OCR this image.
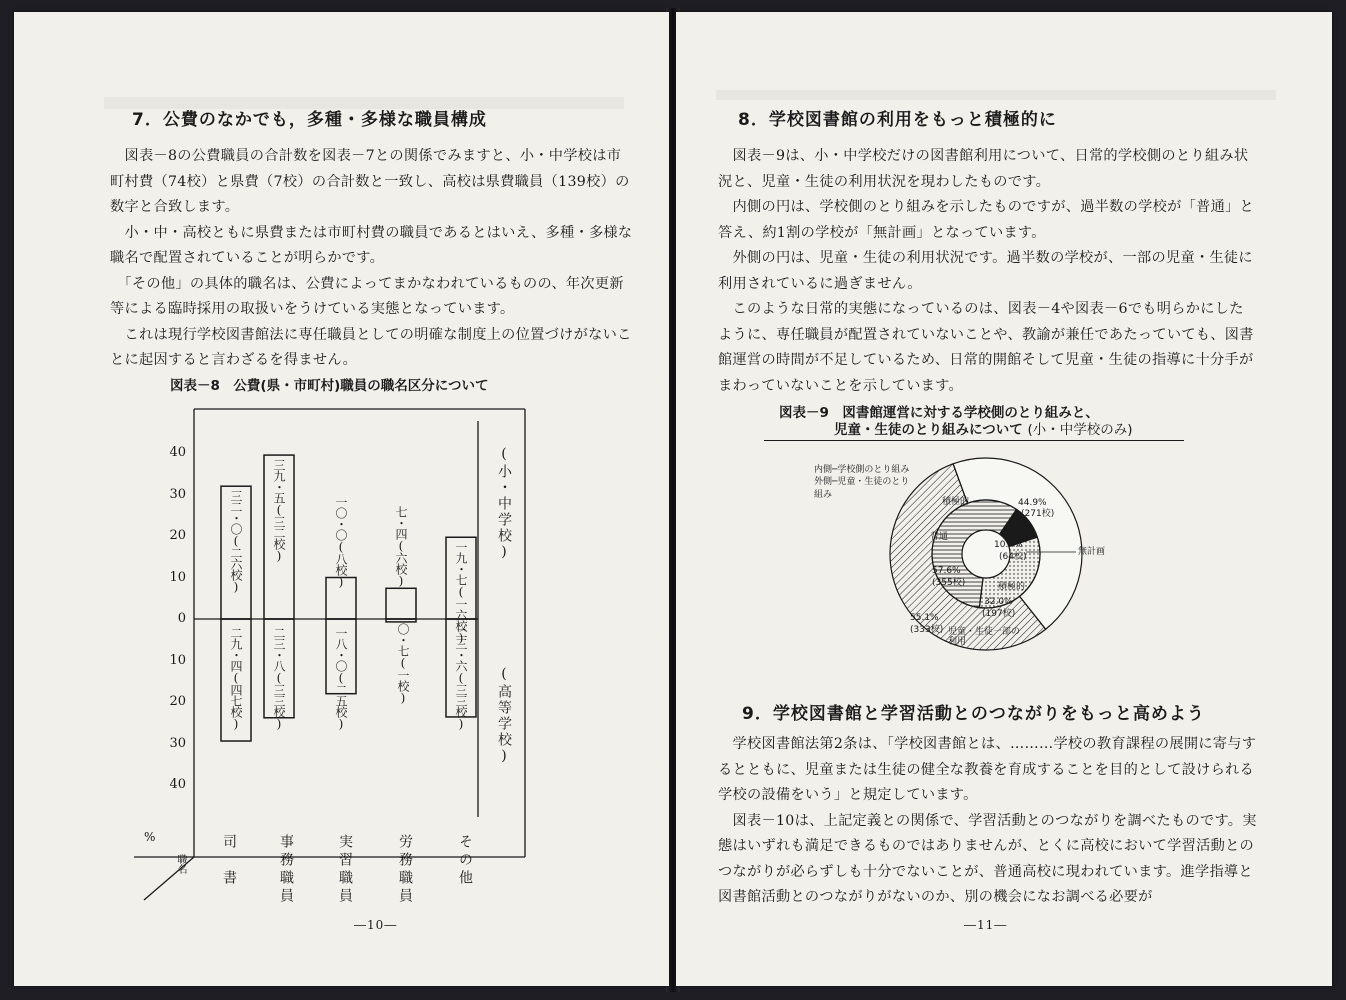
7．公費のなかでも，多種・多様な職員構成

　図表－8の公費職員の合計数を図表－7との関係でみますと、小・中学校は市町村費（74校）と県費（7校）の合計数と一致し、高校は県費職員（139校）の数字と合致します。

　小・中・高校ともに県費または市町村費の職員であるとはいえ、多種・多様な職名で配置されていることが明らかです。

　「その他」の具体的職名は、公費によってまかなわれているものの、年次更新等による臨時採用の取扱いをうけている実態となっています。

　これは現行学校図書館法に専任職員としての明確な制度上の位置づけがないことに起因すると言わざるを得ません。

図表－8　公費(県・市町村)職員の職名区分について
40
30
20
10
0
10
20
30
40
三二・〇(二六校)
二九・四(四七校)
三九・五(三二校)
二三・八(三三校)
一〇・〇(八校)
一八・〇(二五校)
七・四(六校)
〇・七(一校)
一九・七(一六校)
二三・六(三三校)
(小・中学校)
(高等学校)
%
職名	司書	事務職員	実習職員	労務職員	その他
―10―
8．学校図書館の利用をもっと積極的に

　図表－9は、小・中学校だけの図書館利用について、日常的学校側のとり組み状況と、児童・生徒の利用状況を現わしたものです。

　内側の円は、学校側のとり組みを示したものですが、過半数の学校が「普通」と答え、約1割の学校が「無計画」となっています。

　外側の円は、児童・生徒の利用状況です。過半数の学校が、一部の児童・生徒に利用されているに過ぎません。

　このような日常的実態になっているのは、図表－4や図表－6でも明らかにしたように、専任職員が配置されていないことや、教諭が兼任であたっていても、図書館運営の時間が不足しているため、日常的開館そして児童・生徒の指導に十分手がまわっていないことを示しています。

図表－9　図書館運営に対する学校側のとり組みと、
児童・生徒のとり組みについて (小・中学校のみ)
内側─学校側のとり組み
外側─児童・生徒のとり組み
積極的	44.9%
(271校)
普通
10.4%
(64校)	無計画
57.6%
(355校)	積極的
32.0%
(197校)
55.1%
(333校) 児童・生徒一部の利用
9．学校図書館と学習活動とのつながりをもっと高めよう

　学校図書館法第2条は、「学校図書館とは、………学校の教育課程の展開に寄与するとともに、児童または生徒の健全な教養を育成することを目的として設けられる学校の設備をいう」と規定しています。

　図表－10は、上記定義との関係で、学習活動とのつながりを調べたものです。実態はいずれも満足できるものではありませんが、とくに高校において学習活動とのつながりが必らずしも十分でないことが、普通高校に現われています。進学指導と図書館活動とのつながりがないのか、別の機会になお調べる必要が

―11―
